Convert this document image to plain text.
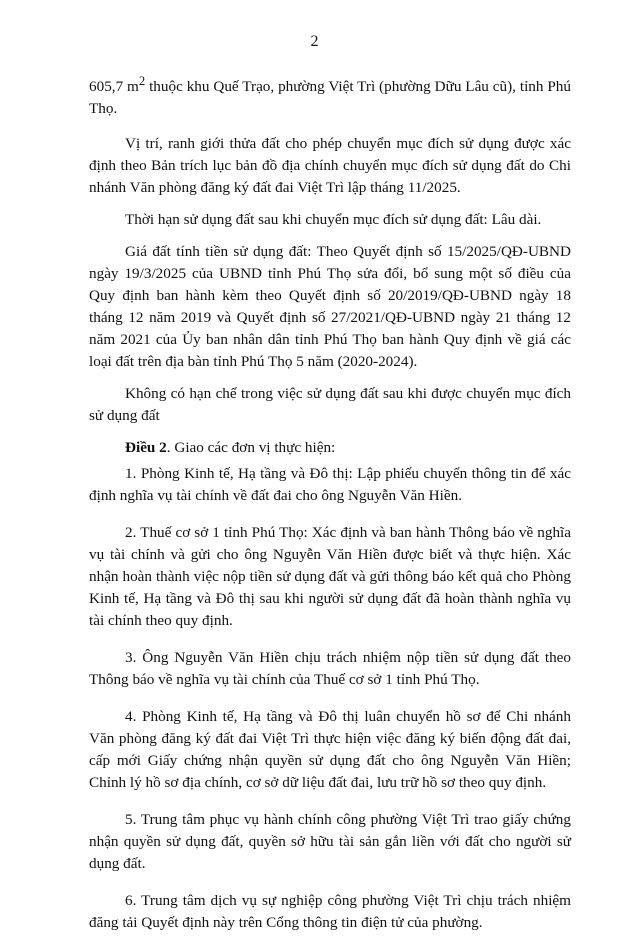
2

605,7 $m^2$ thuộc khu Quế Trạo, phường Việt Trì (phường Dữu Lâu cũ), tỉnh Phú Thọ.

Vị trí, ranh giới thửa đất cho phép chuyển mục đích sử dụng được xác định theo Bản trích lục bản đồ địa chính chuyển mục đích sử dụng đất do Chi nhánh Văn phòng đăng ký đất đai Việt Trì lập tháng 11/2025.

Thời hạn sử dụng đất sau khi chuyển mục đích sử dụng đất: Lâu dài.

Giá đất tính tiền sử dụng đất: Theo Quyết định số 15/2025/QĐ-UBND ngày 19/3/2025 của UBND tỉnh Phú Thọ sửa đổi, bổ sung một số điều của Quy định ban hành kèm theo Quyết định số 20/2019/QĐ-UBND ngày 18 tháng 12 năm 2019 và Quyết định số 27/2021/QĐ-UBND ngày 21 tháng 12 năm 2021 của Ủy ban nhân dân tỉnh Phú Thọ ban hành Quy định về giá các loại đất trên địa bàn tỉnh Phú Thọ 5 năm (2020-2024).

Không có hạn chế trong việc sử dụng đất sau khi được chuyển mục đích sử dụng đất

Điều 2. Giao các đơn vị thực hiện:

1. Phòng Kinh tế, Hạ tầng và Đô thị: Lập phiếu chuyển thông tin để xác định nghĩa vụ tài chính về đất đai cho ông Nguyễn Văn Hiền.

2. Thuế cơ sở 1 tỉnh Phú Thọ: Xác định và ban hành Thông báo về nghĩa vụ tài chính và gửi cho ông Nguyễn Văn Hiền được biết và thực hiện. Xác nhận hoàn thành việc nộp tiền sử dụng đất và gửi thông báo kết quả cho Phòng Kinh tế, Hạ tầng và Đô thị sau khi người sử dụng đất đã hoàn thành nghĩa vụ tài chính theo quy định.

3. Ông Nguyễn Văn Hiền chịu trách nhiệm nộp tiền sử dụng đất theo Thông báo về nghĩa vụ tài chính của Thuế cơ sở 1 tỉnh Phú Thọ.

4. Phòng Kinh tế, Hạ tầng và Đô thị luân chuyển hồ sơ để Chi nhánh Văn phòng đăng ký đất đai Việt Trì thực hiện việc đăng ký biến động đất đai, cấp mới Giấy chứng nhận quyền sử dụng đất cho ông Nguyễn Văn Hiền; Chỉnh lý hồ sơ địa chính, cơ sở dữ liệu đất đai, lưu trữ hồ sơ theo quy định.

5. Trung tâm phục vụ hành chính công phường Việt Trì trao giấy chứng nhận quyền sử dụng đất, quyền sở hữu tài sản gắn liền với đất cho người sử dụng đất.

6. Trung tâm dịch vụ sự nghiệp công phường Việt Trì chịu trách nhiệm đăng tải Quyết định này trên Cổng thông tin điện tử của phường.
